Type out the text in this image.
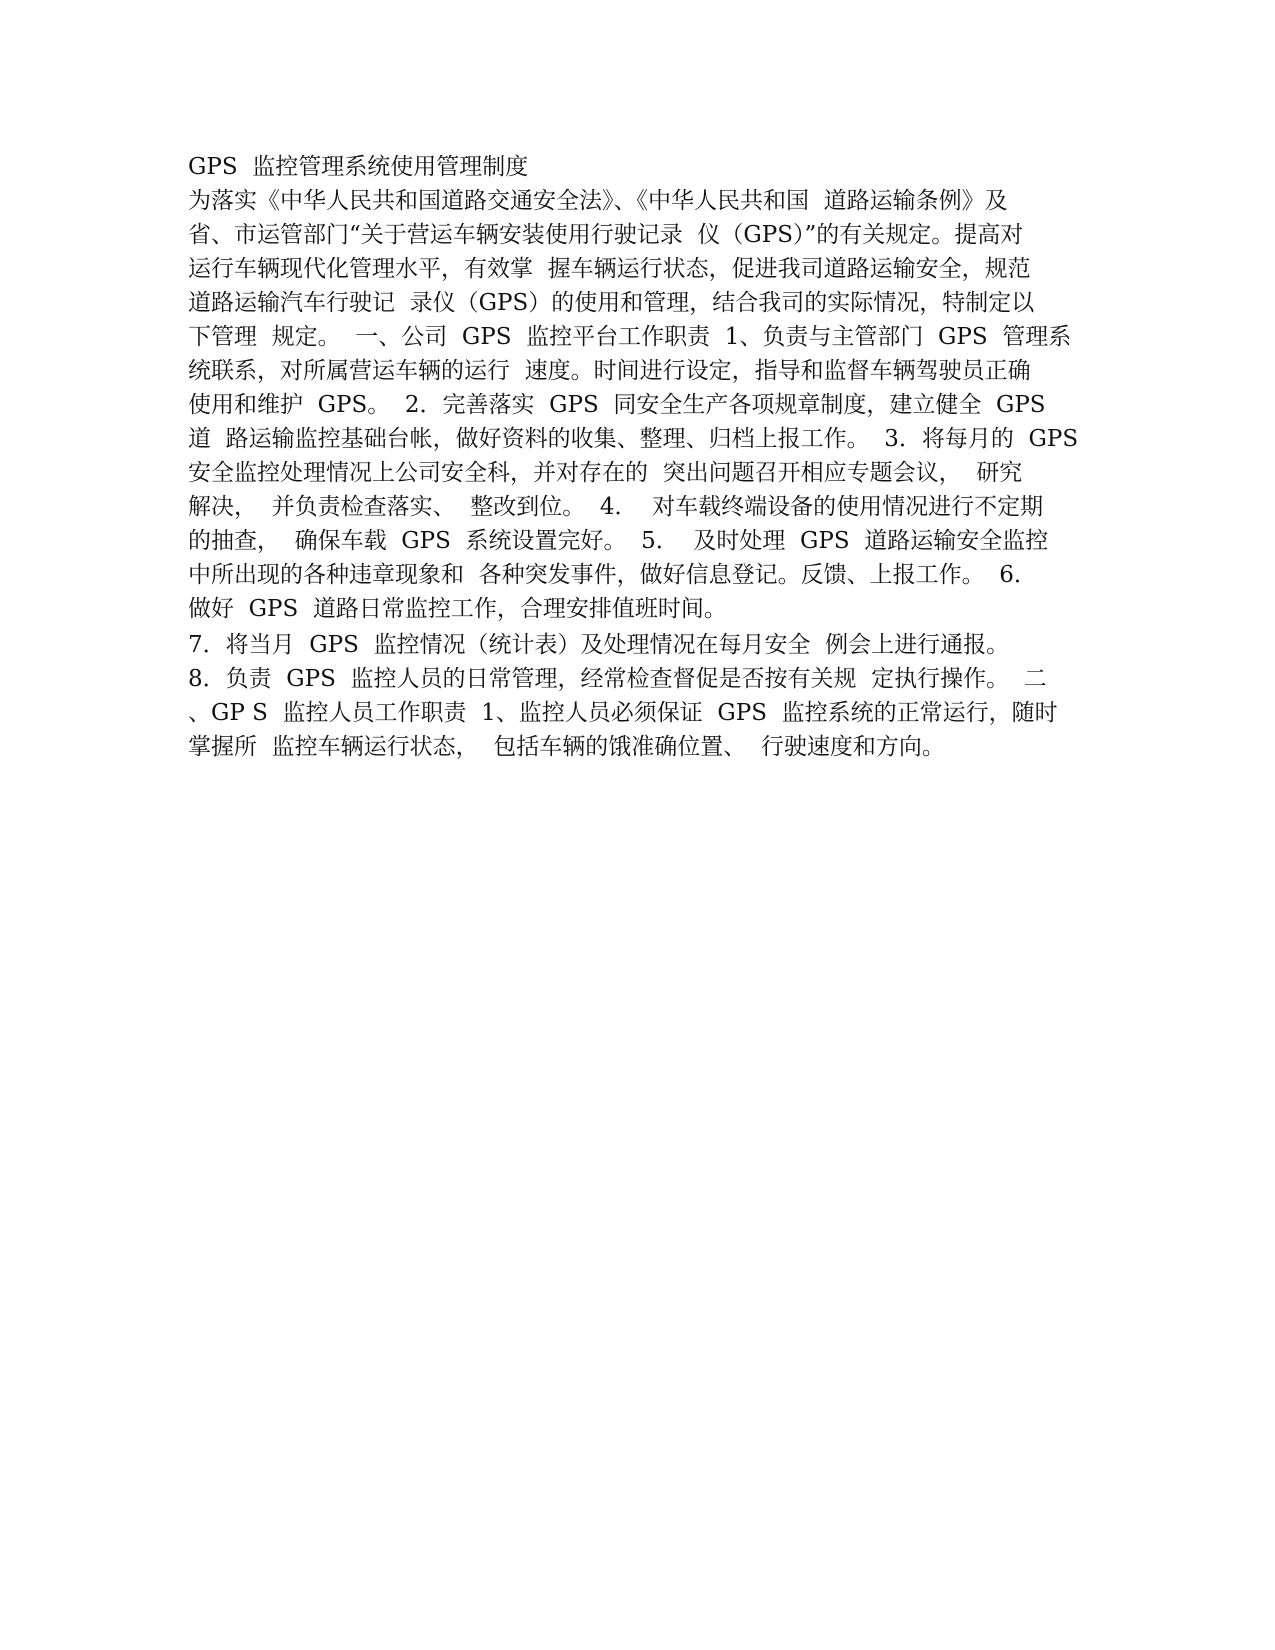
GPS  监控管理系统使用管理制度
为落实《中华人民共和国道路交通安全法》、《中华人民共和国  道路运输条例》及
省、市运管部门“关于营运车辆安装使用行驶记录  仪（GPS）”的有关规定。提高对
运行车辆现代化管理水平，有效掌  握车辆运行状态，促进我司道路运输安全，规范
道路运输汽车行驶记  录仪（GPS）的使用和管理，结合我司的实际情况，特制定以
下管理  规定。  一、公司  GPS  监控平台工作职责  1、负责与主管部门  GPS  管理系
统联系，对所属营运车辆的运行  速度。时间进行设定，指导和监督车辆驾驶员正确
使用和维护  GPS。  2．完善落实  GPS  同安全生产各项规章制度，建立健全  GPS
道  路运输监控基础台帐，做好资料的收集、整理、归档上报工作。  3．将每月的  GPS
安全监控处理情况上公司安全科，并对存在的  突出问题召开相应专题会议，  研究
解决，  并负责检查落实、  整改到位。  4．  对车载终端设备的使用情况进行不定期
的抽查，  确保车载  GPS  系统设置完好。  5．  及时处理  GPS  道路运输安全监控
中所出现的各种违章现象和  各种突发事件，做好信息登记。反馈、上报工作。  6．
做好  GPS  道路日常监控工作，合理安排值班时间。
7．将当月  GPS  监控情况（统计表）及处理情况在每月安全  例会上进行通报。
8．负责  GPS  监控人员的日常管理，经常检查督促是否按有关规  定执行操作。  二
、GP S  监控人员工作职责  1、监控人员必须保证  GPS  监控系统的正常运行，随时
掌握所  监控车辆运行状态，  包括车辆的饿准确位置、  行驶速度和方向。
